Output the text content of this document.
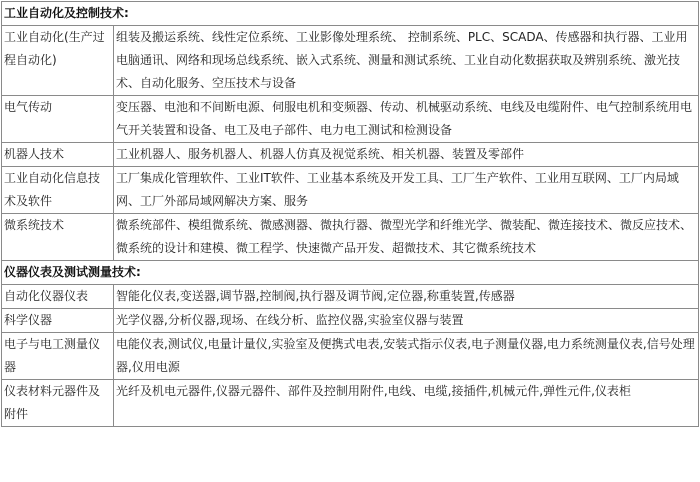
工业自动化及控制技术:	
工业自动化(生产过程自动化)	组装及搬运系统、线性定位系统、工业影像处理系统、 控制系统、PLC、SCADA、传感器和执行器、工业用电脑通讯、网络和现场总线系统、嵌入式系统、测量和测试系统、工业自动化数据获取及辨别系统、激光技术、自动化服务、空压技术与设备
电气传动	变压器、电池和不间断电源、伺服电机和变频器、传动、机械驱动系统、电线及电缆附件、电气控制系统用电气开关装置和设备、电工及电子部件、电力电工测试和检测设备
机器人技术	工业机器人、服务机器人、机器人仿真及视觉系统、相关机器、装置及零部件
工业自动化信息技术及软件	工厂集成化管理软件、工业IT软件、工业基本系统及开发工具、工厂生产软件、工业用互联网、工厂内局域网、工厂外部局域网解决方案、服务
微系统技术	微系统部件、模组微系统、微感测器、微执行器、微型光学和纤维光学、微装配、微连接技术、微反应技术、微系统的设计和建模、微工程学、快速微产品开发、超微技术、其它微系统技术
仪器仪表及测试测量技术:	
自动化仪器仪表	智能化仪表,变送器,调节器,控制阀,执行器及调节阀,定位器,称重装置,传感器
科学仪器	光学仪器,分析仪器,现场、在线分析、监控仪器,实验室仪器与装置
电子与电工测量仪器	电能仪表,测试仪,电量计量仪,实验室及便携式电表,安装式指示仪表,电子测量仪器,电力系统测量仪表,信号处理器,仪用电源
仪表材料元器件及附件	光纤及机电元器件,仪器元器件、部件及控制用附件,电线、电缆,接插件,机械元件,弹性元件,仪表柜
